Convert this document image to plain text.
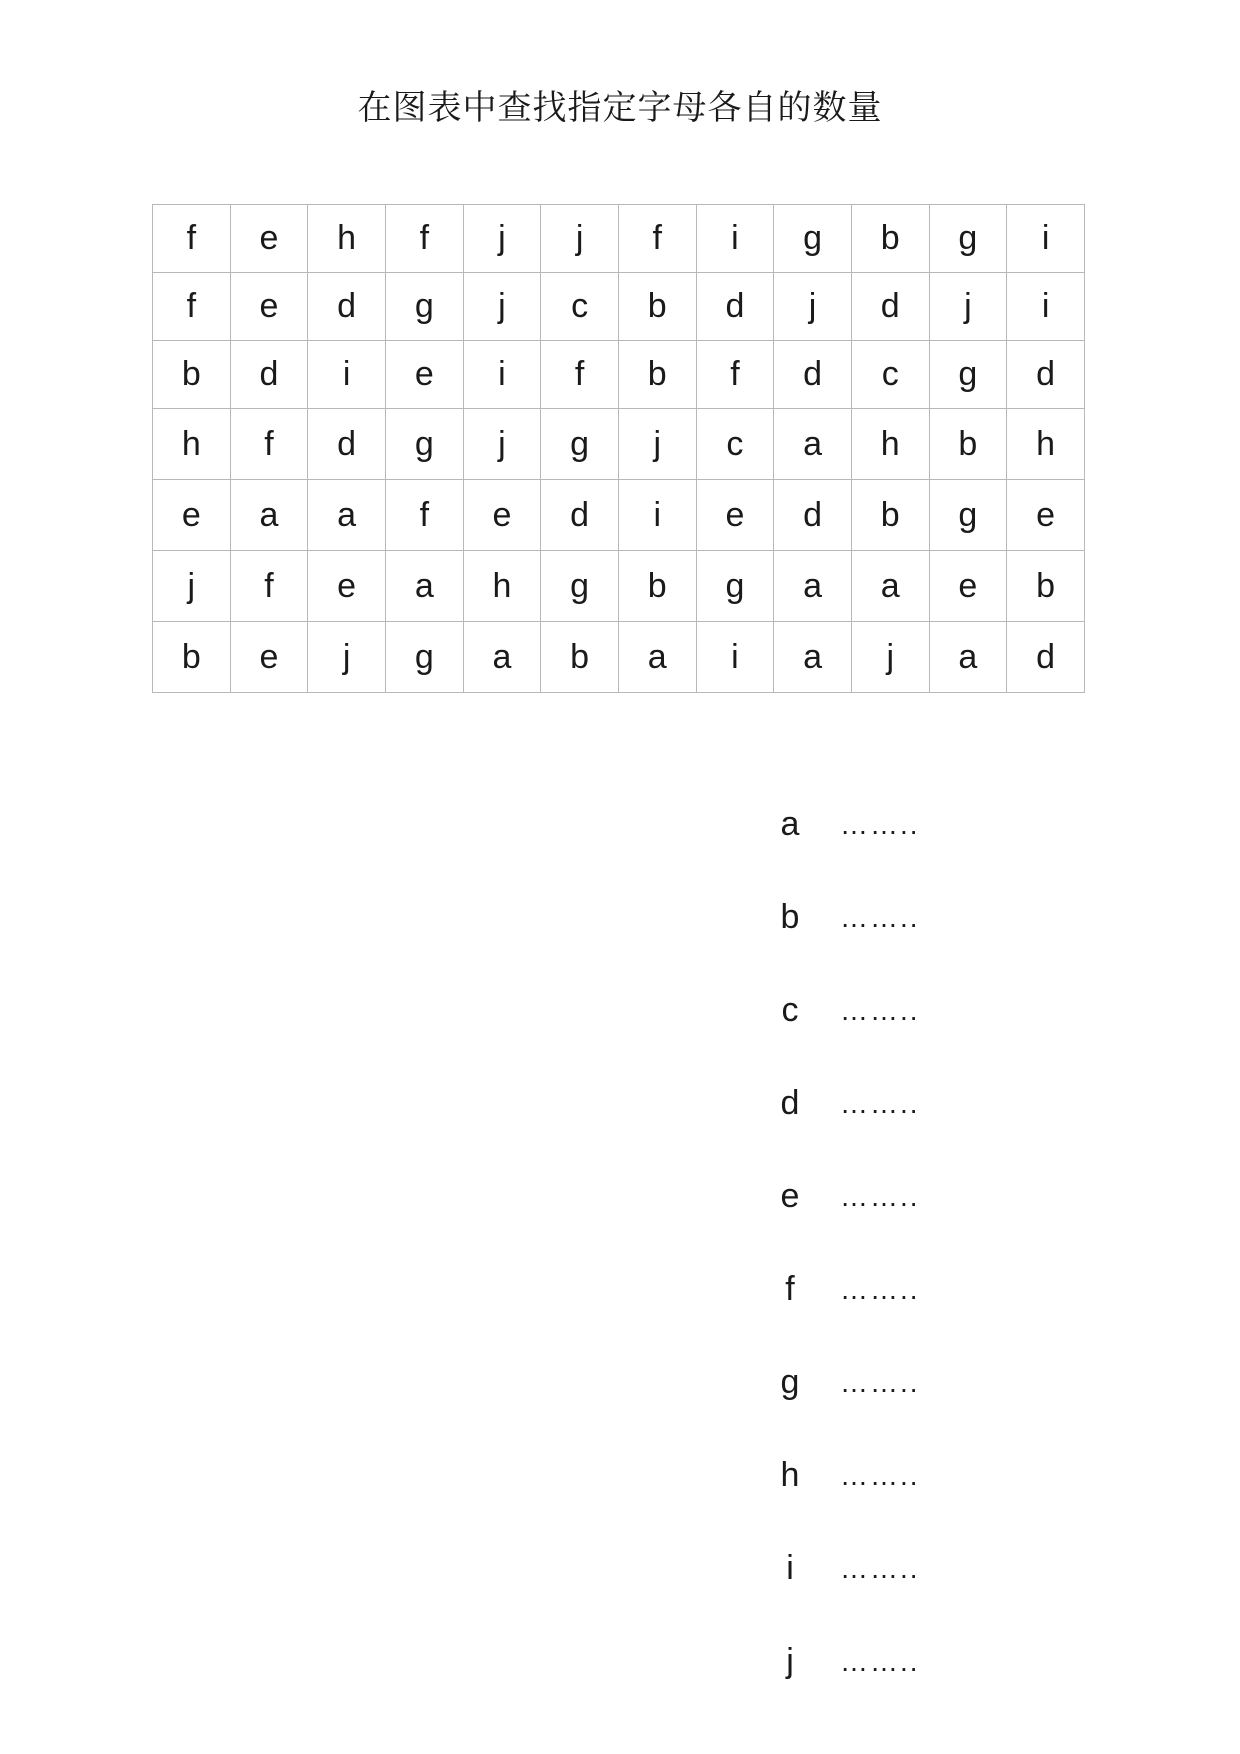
在图表中查找指定字母各自的数量
f	e	h	f	j	j	f	i	g	b	g	i
f	e	d	g	j	c	b	d	j	d	j	i
b	d	i	e	i	f	b	f	d	c	g	d
h	f	d	g	j	g	j	c	a	h	b	h
e	a	a	f	e	d	i	e	d	b	g	e
j	f	e	a	h	g	b	g	a	a	e	b
b	e	j	g	a	b	a	i	a	j	a	d
a	……..
b	……..
c	……..
d	……..
e	……..
f	……..
g	……..
h	……..
i	……..
j	……..
